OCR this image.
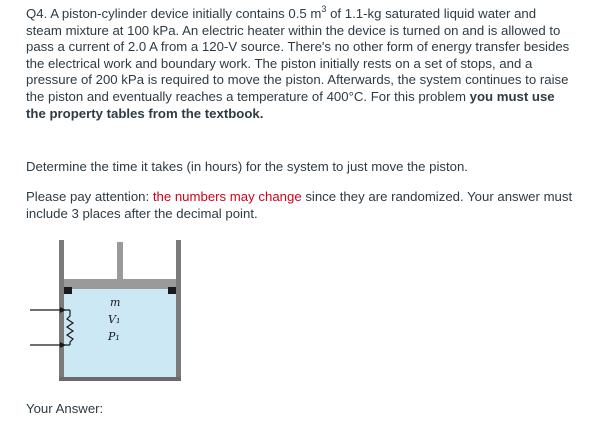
Q4. A piston-cylinder device initially contains 0.5 $m^3$ of 1.1-kg saturated liquid water and steam mixture at 100 kPa. An electric heater within the device is turned on and is allowed to pass a current of 2.0 A from a 120-V source. There's no other form of energy transfer besides the electrical work and boundary work. The piston initially rests on a set of stops, and a pressure of 200 kPa is required to move the piston. Afterwards, the system continues to raise the piston and eventually reaches a temperature of 400°C. For this problem you must use the property tables from the textbook.

Determine the time it takes (in hours) for the system to just move the piston.

Please pay attention: the numbers may change since they are randomized. Your answer must include 3 places after the decimal point.

m
V₁
P₁

Your Answer:
